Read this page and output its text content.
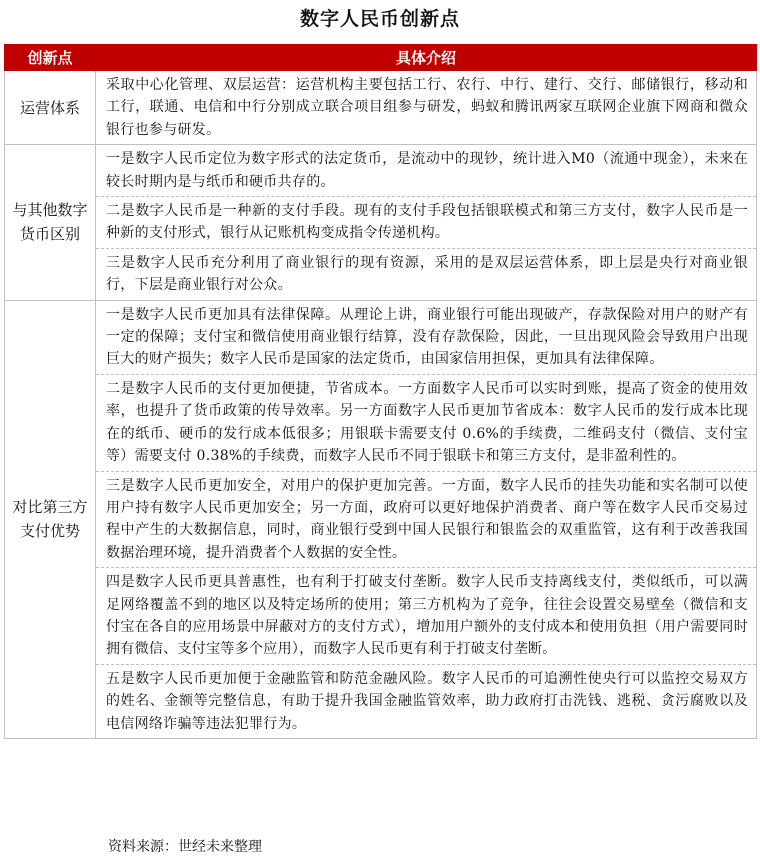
数字人民币创新点
创新点	具体介绍
运营体系	采取中心化管理、双层运营：运营机构主要包括工行、农行、中行、建行、交行、邮储银行，移动和工行，联通、电信和中行分别成立联合项目组参与研发，蚂蚁和腾讯两家互联网企业旗下网商和微众银行也参与研发。

与其他数字货币区别	一是数字人民币定位为数字形式的法定货币，是流动中的现钞，统计进入M0（流通中现金），未来在较长时期内是与纸币和硬币共存的。
二是数字人民币是一种新的支付手段。现有的支付手段包括银联模式和第三方支付，数字人民币是一种新的支付形式，银行从记账机构变成指令传递机构。
三是数字人民币充分利用了商业银行的现有资源，采用的是双层运营体系，即上层是央行对商业银行，下层是商业银行对公众。

对比第三方支付优势	一是数字人民币更加具有法律保障。从理论上讲，商业银行可能出现破产，存款保险对用户的财产有一定的保障；支付宝和微信使用商业银行结算，没有存款保险，因此，一旦出现风险会导致用户出现巨大的财产损失；数字人民币是国家的法定货币，由国家信用担保，更加具有法律保障。
二是数字人民币的支付更加便捷，节省成本。一方面数字人民币可以实时到账，提高了资金的使用效率，也提升了货币政策的传导效率。另一方面数字人民币更加节省成本：数字人民币的发行成本比现在的纸币、硬币的发行成本低很多；用银联卡需要支付 0.6%的手续费，二维码支付（微信、支付宝等）需要支付 0.38%的手续费，而数字人民币不同于银联卡和第三方支付，是非盈利性的。
三是数字人民币更加安全，对用户的保护更加完善。一方面，数字人民币的挂失功能和实名制可以使用户持有数字人民币更加安全；另一方面，政府可以更好地保护消费者、商户等在数字人民币交易过程中产生的大数据信息，同时，商业银行受到中国人民银行和银监会的双重监管，这有利于改善我国数据治理环境，提升消费者个人数据的安全性。
四是数字人民币更具普惠性，也有利于打破支付垄断。数字人民币支持离线支付，类似纸币，可以满足网络覆盖不到的地区以及特定场所的使用；第三方机构为了竞争，往往会设置交易壁垒（微信和支付宝在各自的应用场景中屏蔽对方的支付方式），增加用户额外的支付成本和使用负担（用户需要同时拥有微信、支付宝等多个应用），而数字人民币更有利于打破支付垄断。
五是数字人民币更加便于金融监管和防范金融风险。数字人民币的可追溯性使央行可以监控交易双方的姓名、金额等完整信息，有助于提升我国金融监管效率，助力政府打击洗钱、逃税、贪污腐败以及电信网络诈骗等违法犯罪行为。
资料来源：世经未来整理
